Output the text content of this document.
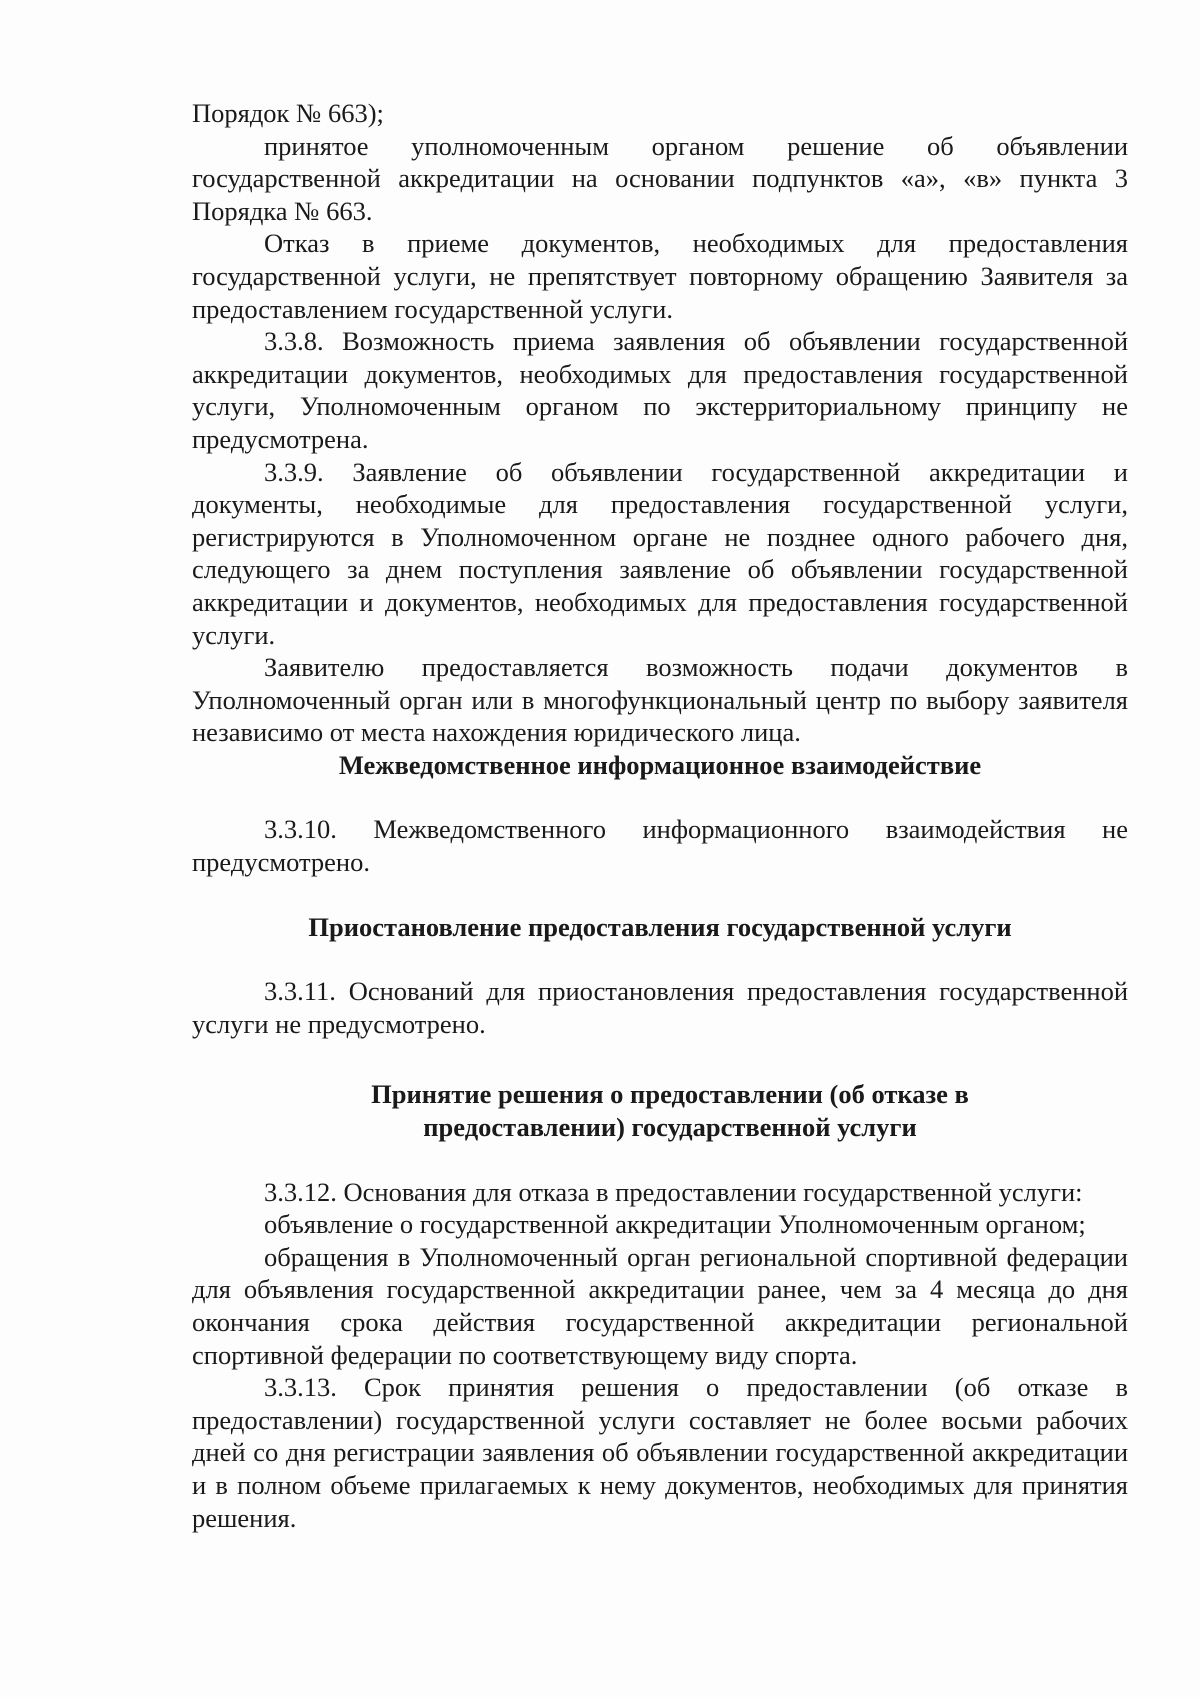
Порядок № 663);

принятое уполномоченным органом решение об объявлении государственной аккредитации на основании подпунктов «а», «в» пункта 3 Порядка № 663.

Отказ в приеме документов, необходимых для предоставления государственной услуги, не препятствует повторному обращению Заявителя за предоставлением государственной услуги.

3.3.8. Возможность приема заявления об объявлении государственной аккредитации документов, необходимых для предоставления государственной услуги, Уполномоченным органом по экстерриториальному принципу не предусмотрена.

3.3.9. Заявление об объявлении государственной аккредитации и документы, необходимые для предоставления государственной услуги, регистрируются в Уполномоченном органе не позднее одного рабочего дня, следующего за днем поступления заявление об объявлении государственной аккредитации и документов, необходимых для предоставления государственной услуги.

Заявителю предоставляется возможность подачи документов в Уполномоченный орган или в многофункциональный центр по выбору заявителя независимо от места нахождения юридического лица.

Межведомственное информационное взаимодействие

3.3.10. Межведомственного информационного взаимодействия не предусмотрено.

Приостановление предоставления государственной услуги

3.3.11. Оснований для приостановления предоставления государственной услуги не предусмотрено.

Принятие решения о предоставлении (об отказе в
предоставлении) государственной услуги

3.3.12. Основания для отказа в предоставлении государственной услуги:

объявление о государственной аккредитации Уполномоченным органом;

обращения в Уполномоченный орган региональной спортивной федерации для объявления государственной аккредитации ранее, чем за 4 месяца до дня окончания срока действия государственной аккредитации региональной спортивной федерации по соответствующему виду спорта.

3.3.13. Срок принятия решения о предоставлении (об отказе в предоставлении) государственной услуги составляет не более восьми рабочих дней со дня регистрации заявления об объявлении государственной аккредитации и в полном объеме прилагаемых к нему документов, необходимых для принятия решения.
